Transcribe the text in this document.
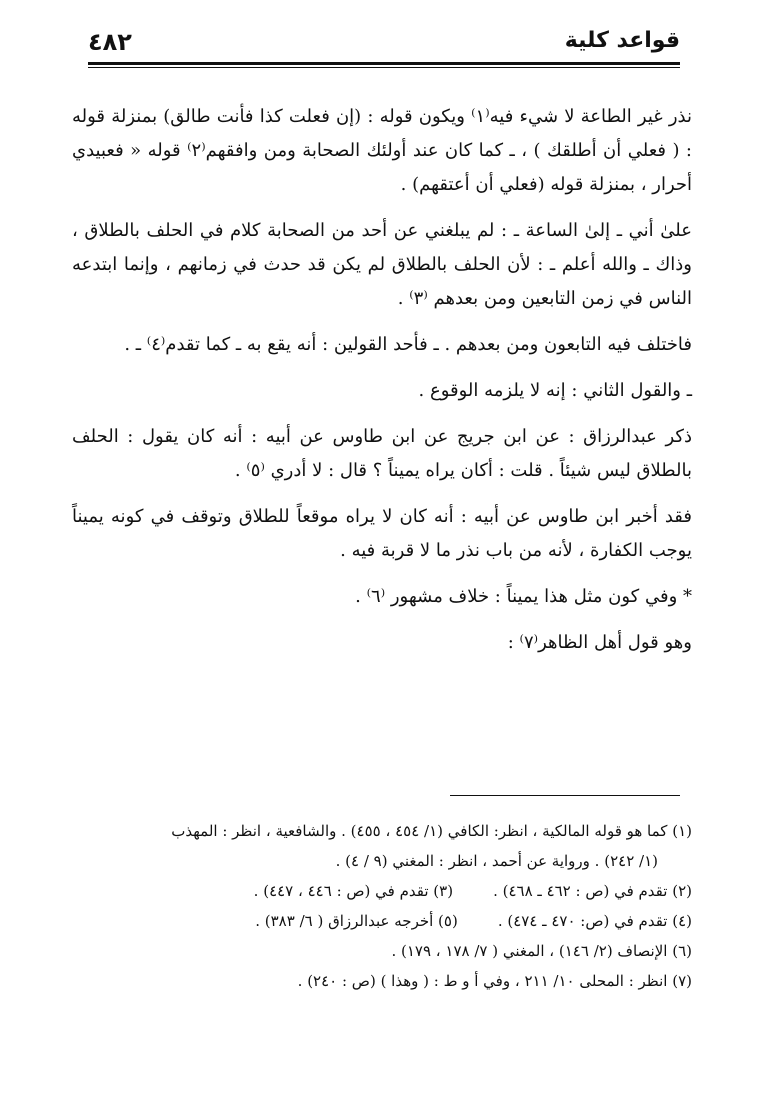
قواعد كلية
٤٨٢

نذر غير الطاعة لا شيء فيه⁽١⁾ ويكون قوله : (إن فعلت كذا فأنت طالق) بمنزلة قوله : ( فعلي أن أطلقك ) ، ـ كما كان عند أولئك الصحابة ومن وافقهم⁽٢⁾ قوله « فعبيدي أحرار ، بمنزلة قوله (فعلي أن أعتقهم) .

علىٰ أني ـ إلىٰ الساعة ـ : لم يبلغني عن أحد من الصحابة كلام في الحلف بالطلاق ، وذاك ـ والله أعلم ـ : لأن الحلف بالطلاق لم يكن قد حدث في زمانهم ، وإنما ابتدعه الناس في زمن التابعين ومن بعدهم ⁽٣⁾ .

فاختلف فيه التابعون ومن بعدهم . ـ فأحد القولين : أنه يقع به ـ كما تقدم⁽٤⁾ ـ .

ـ والقول الثاني : إنه لا يلزمه الوقوع .

ذكر عبدالرزاق : عن ابن جريج عن ابن طاوس عن أبيه : أنه كان يقول : الحلف بالطلاق ليس شيئاً . قلت : أكان يراه يميناً ؟ قال : لا أدري ⁽٥⁾ .

فقد أخبر ابن طاوس عن أبيه : أنه كان لا يراه موقعاً للطلاق وتوقف في كونه يميناً يوجب الكفارة ، لأنه من باب نذر ما لا قربة فيه .

* وفي كون مثل هذا يميناً : خلاف مشهور ⁽٦⁾ .

وهو قول أهل الظاهر⁽٧⁾ :

(١) كما هو قوله المالكية ، انظر: الكافي (١/ ٤٥٤ ، ٤٥٥) . والشافعية ، انظر : المهذب

(١/ ٢٤٢) . ورواية عن أحمد ، انظر : المغني (٩ / ٤) .

(٢) تقدم في (ص : ٤٦٢ ـ ٤٦٨) .
(٣) تقدم في (ص : ٤٤٦ ، ٤٤٧) .
(٤) تقدم في (ص: ٤٧٠ ـ ٤٧٤) .
(٥) أخرجه عبدالرزاق ( ٦/ ٣٨٣) .

(٦) الإنصاف (٢/ ١٤٦) ، المغني ( ٧/ ١٧٨ ، ١٧٩) .

(٧) انظر : المحلى ١٠/ ٢١١ ، وفي أ و ط : ( وهذا ) (ص : ٢٤٠) .
